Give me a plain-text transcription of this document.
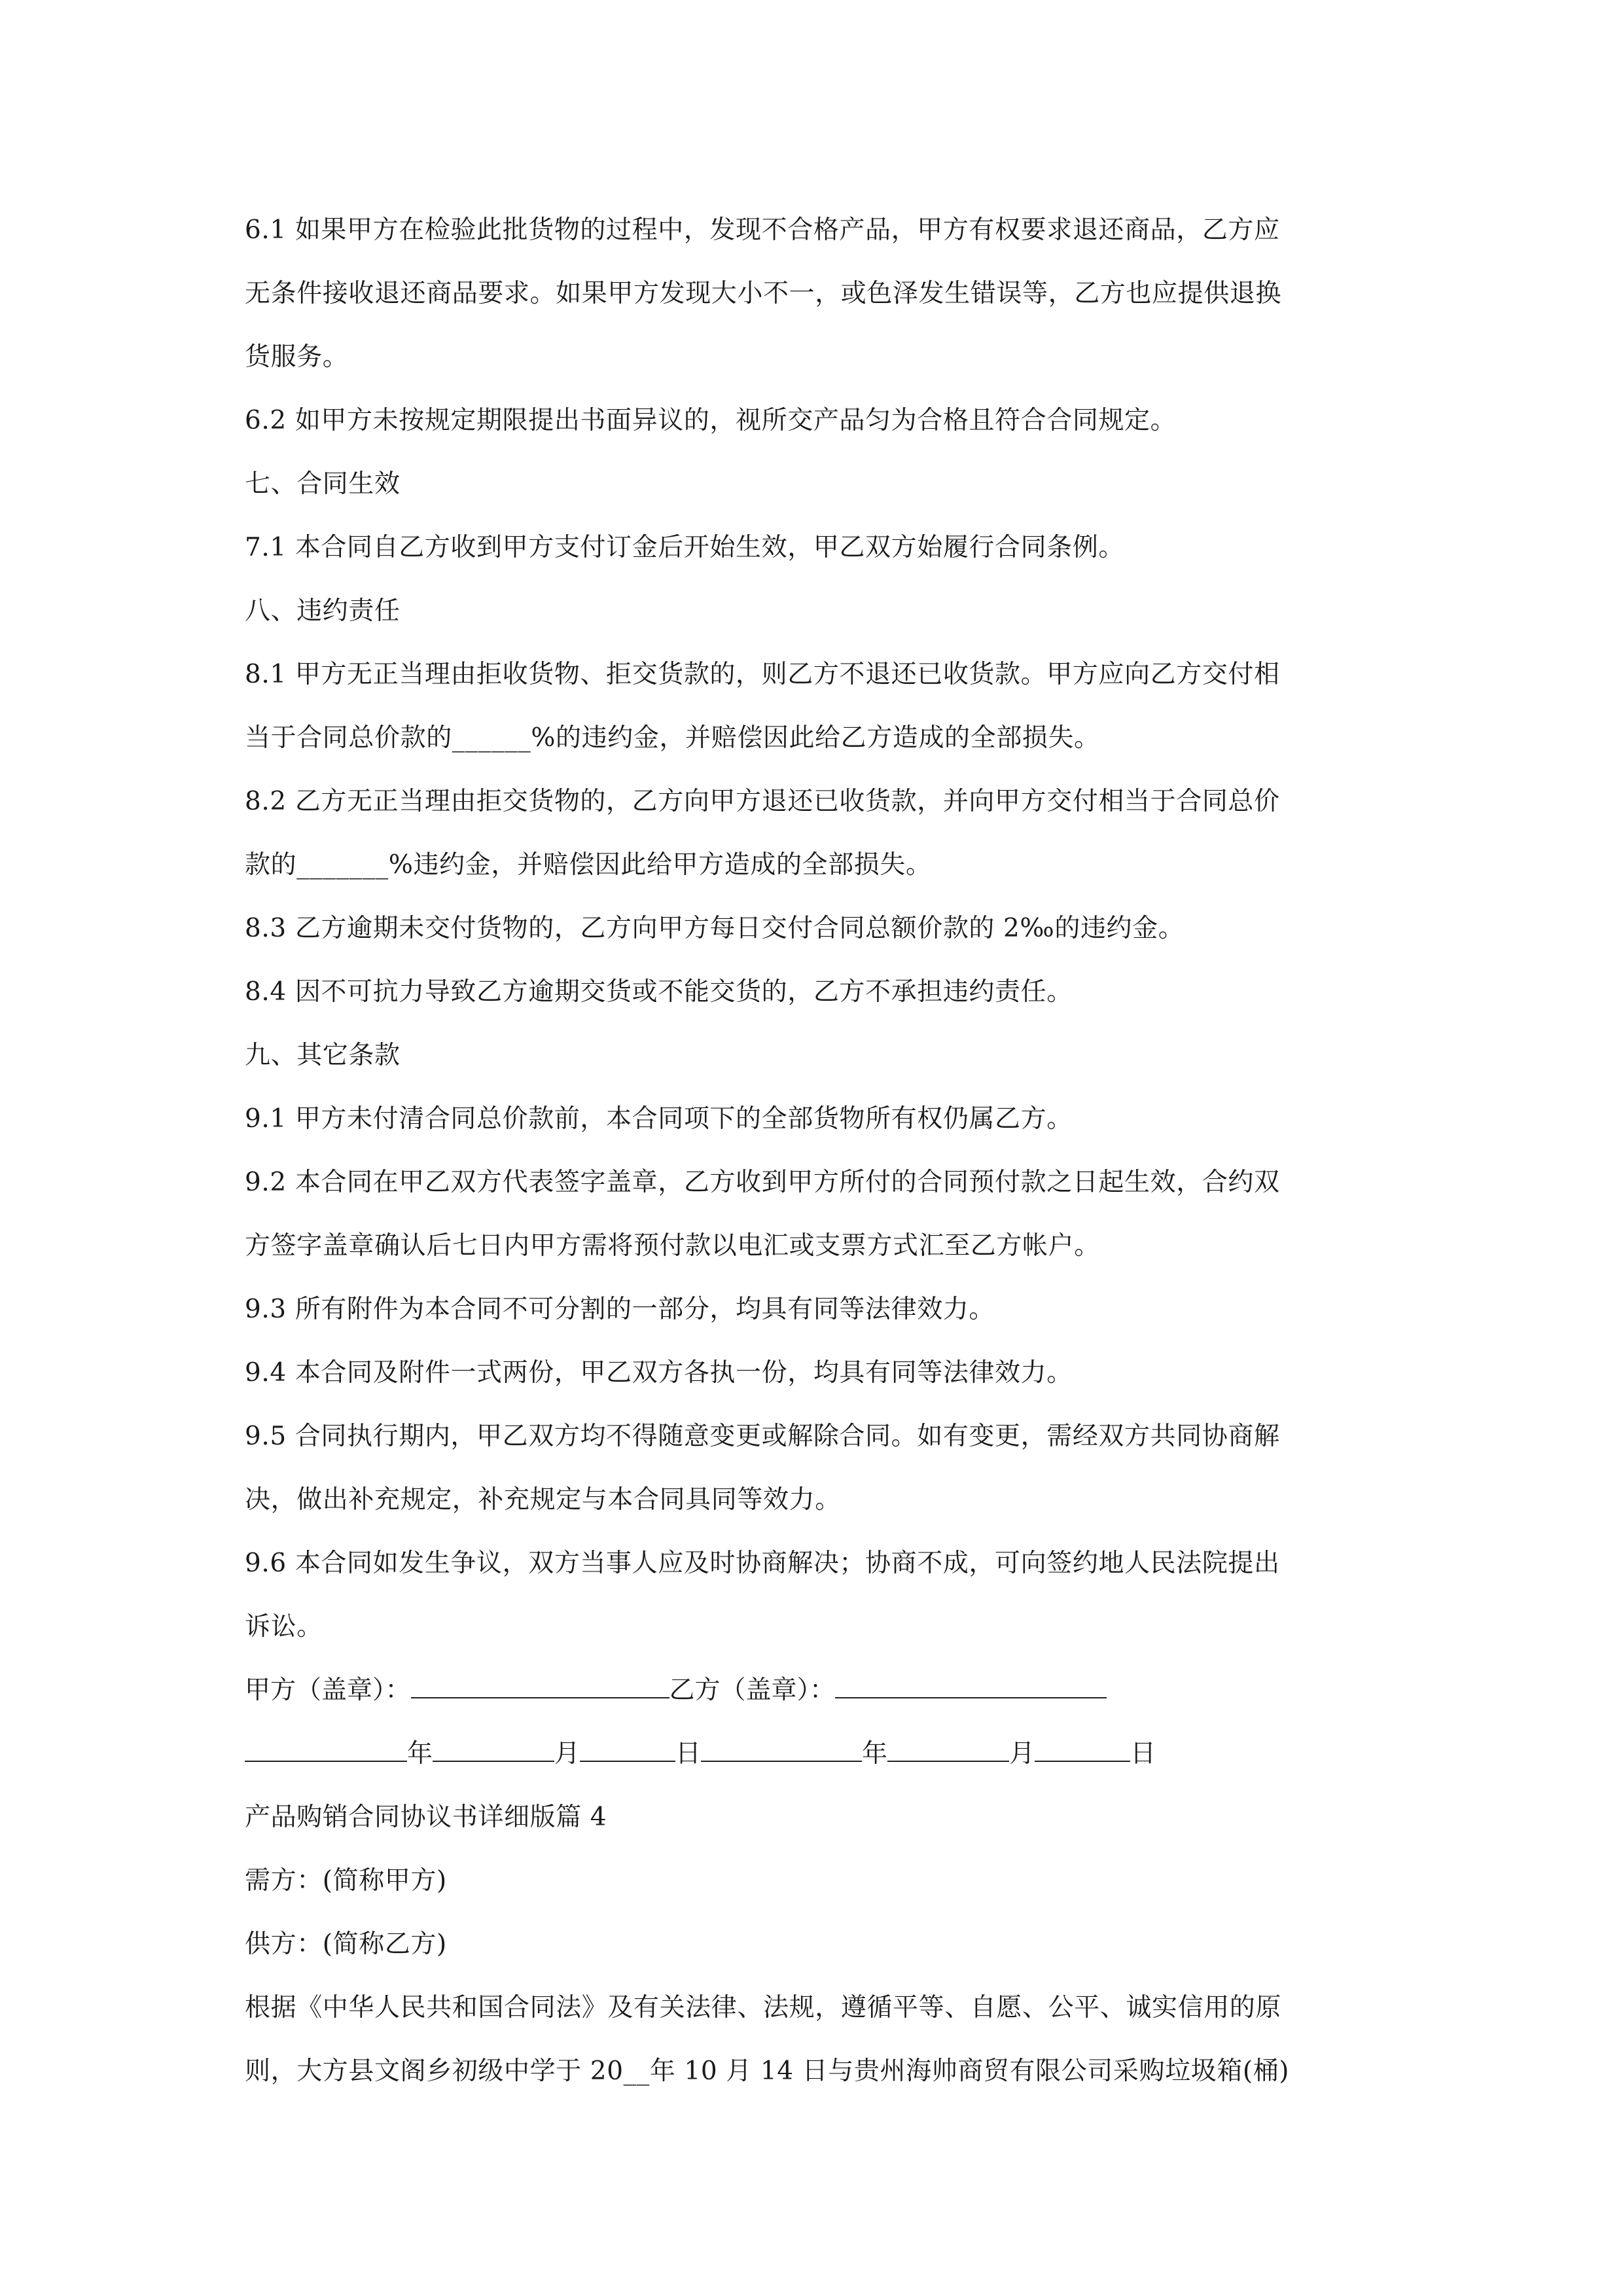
6.1 如果甲方在检验此批货物的过程中，发现不合格产品，甲方有权要求退还商品，乙方应
无条件接收退还商品要求。如果甲方发现大小不一，或色泽发生错误等，乙方也应提供退换
货服务。
6.2 如甲方未按规定期限提出书面异议的，视所交产品匀为合格且符合合同规定。
七、合同生效
7.1 本合同自乙方收到甲方支付订金后开始生效，甲乙双方始履行合同条例。
八、违约责任
8.1 甲方无正当理由拒收货物、拒交货款的，则乙方不退还已收货款。甲方应向乙方交付相
当于合同总价款的______%的违约金，并赔偿因此给乙方造成的全部损失。
8.2 乙方无正当理由拒交货物的，乙方向甲方退还已收货款，并向甲方交付相当于合同总价
款的_______%违约金，并赔偿因此给甲方造成的全部损失。
8.3 乙方逾期未交付货物的，乙方向甲方每日交付合同总额价款的 2‰的违约金。
8.4 因不可抗力导致乙方逾期交货或不能交货的，乙方不承担违约责任。
九、其它条款
9.1 甲方未付清合同总价款前，本合同项下的全部货物所有权仍属乙方。
9.2 本合同在甲乙双方代表签字盖章，乙方收到甲方所付的合同预付款之日起生效，合约双
方签字盖章确认后七日内甲方需将预付款以电汇或支票方式汇至乙方帐户。
9.3 所有附件为本合同不可分割的一部分，均具有同等法律效力。
9.4 本合同及附件一式两份，甲乙双方各执一份，均具有同等法律效力。
9.5 合同执行期内，甲乙双方均不得随意变更或解除合同。如有变更，需经双方共同协商解
决，做出补充规定，补充规定与本合同具同等效力。
9.6 本合同如发生争议，双方当事人应及时协商解决；协商不成，可向签约地人民法院提出
诉讼。
甲方（盖章）：	乙方（盖章）：
年	月	日	年	月	日
产品购销合同协议书详细版篇 4
需方：(简称甲方)
供方：(简称乙方)
根据《中华人民共和国合同法》及有关法律、法规，遵循平等、自愿、公平、诚实信用的原
则，大方县文阁乡初级中学于 20__年 10 月 14 日与贵州海帅商贸有限公司采购垃圾箱(桶)
